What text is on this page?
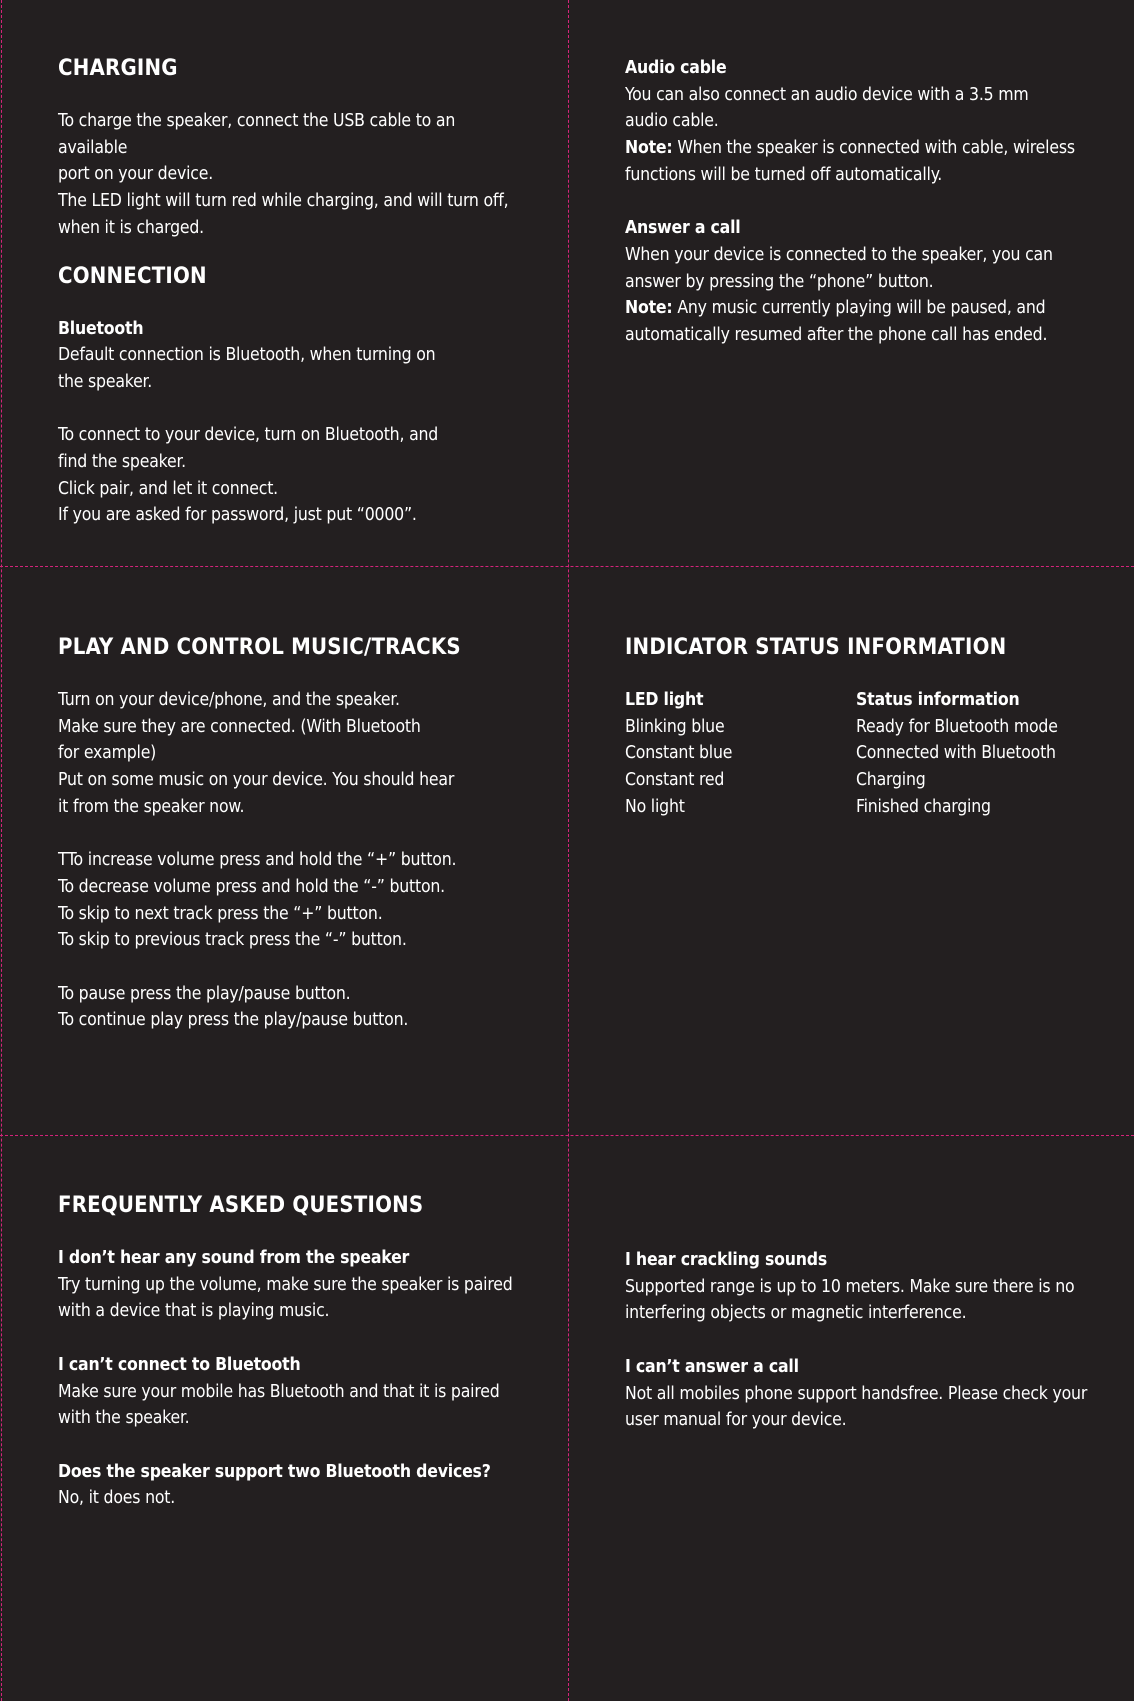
CHARGING

To charge the speaker, connect the USB cable to an available

port on your device.

The LED light will turn red while charging, and will turn off,

when it is charged.

CONNECTION

Bluetooth

Default connection is Bluetooth, when turning on

the speaker.

To connect to your device, turn on Bluetooth, and

find the speaker.

Click pair, and let it connect.

If you are asked for password, just put “0000”.

Audio cable

You can also connect an audio device with a 3.5 mm

audio cable.

Note: When the speaker is connected with cable, wireless

functions will be turned off automatically.

Answer a call

When your device is connected to the speaker, you can

answer by pressing the “phone” button.

Note: Any music currently playing will be paused, and

automatically resumed after the phone call has ended.

PLAY AND CONTROL MUSIC/TRACKS

Turn on your device/phone, and the speaker.

Make sure they are connected. (With Bluetooth

for example)

Put on some music on your device. You should hear

it from the speaker now.

TTo increase volume press and hold the “+” button.

To decrease volume press and hold the “-” button.

To skip to next track press the “+” button.

To skip to previous track press the “-” button.

To pause press the play/pause button.

To continue play press the play/pause button.

INDICATOR STATUS INFORMATION
LED light	Status information
Blinking blue	Ready for Bluetooth mode
Constant blue	Connected with Bluetooth
Constant red	Charging
No light	Finished charging
FREQUENTLY ASKED QUESTIONS

I don’t hear any sound from the speaker

Try turning up the volume, make sure the speaker is paired

with a device that is playing music.

I can’t connect to Bluetooth

Make sure your mobile has Bluetooth and that it is paired

with the speaker.

Does the speaker support two Bluetooth devices?

No, it does not.

I hear crackling sounds

Supported range is up to 10 meters. Make sure there is no

interfering objects or magnetic interference.

I can’t answer a call

Not all mobiles phone support handsfree. Please check your

user manual for your device.
